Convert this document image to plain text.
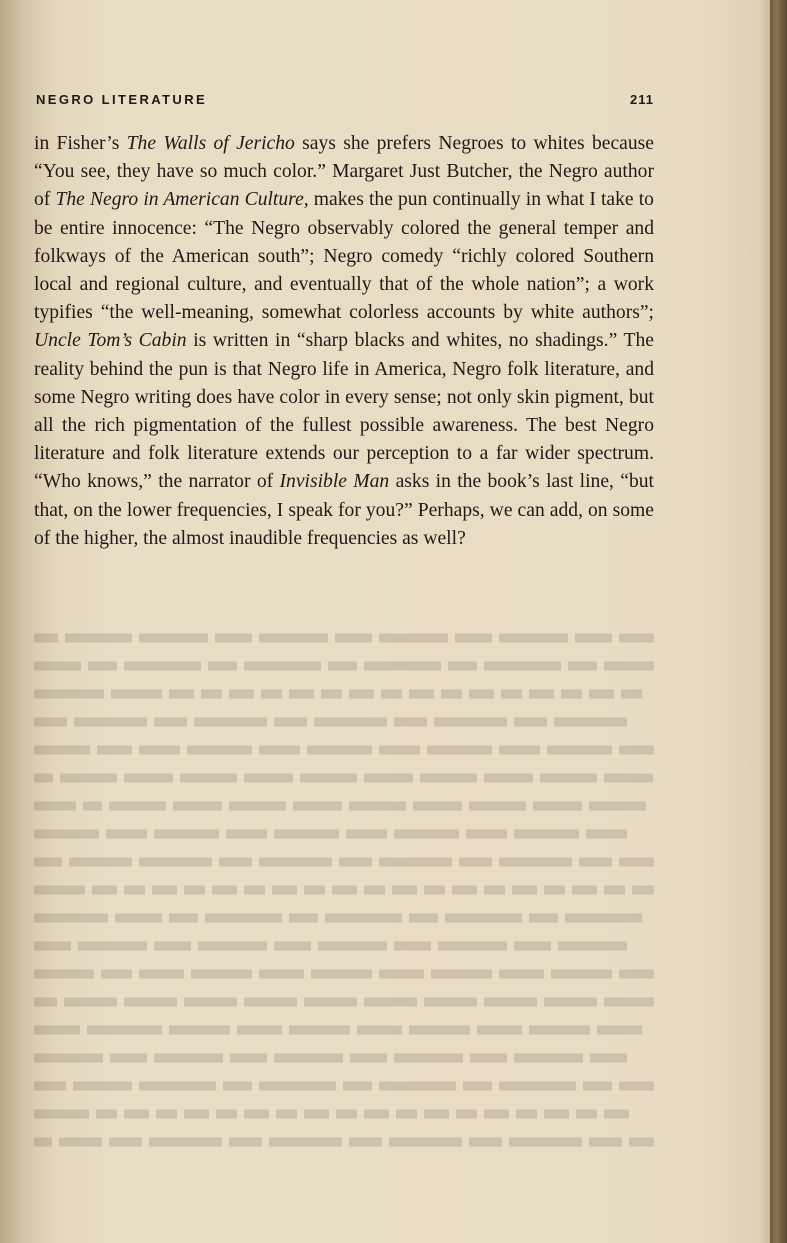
NEGRO LITERATURE	211

in Fisher’s The Walls of Jericho says she prefers Negroes to whites because “You see, they have so much color.” Margaret Just Butcher, the Negro author of The Negro in American Culture, makes the pun continually in what I take to be entire innocence: “The Negro observably colored the general temper and folkways of the American south”; Negro comedy “richly colored Southern local and regional culture, and eventually that of the whole nation”; a work typifies “the well-meaning, somewhat colorless accounts by white authors”; Uncle Tom’s Cabin is written in “sharp blacks and whites, no shadings.” The reality behind the pun is that Negro life in America, Negro folk literature, and some Negro writing does have color in every sense; not only skin pigment, but all the rich pigmentation of the fullest possible awareness. The best Negro literature and folk literature extends our perception to a far wider spectrum. “Who knows,” the narrator of Invisible Man asks in the book’s last line, “but that, on the lower frequencies, I speak for you?” Perhaps, we can add, on some of the higher, the almost inaudible frequencies as well?
